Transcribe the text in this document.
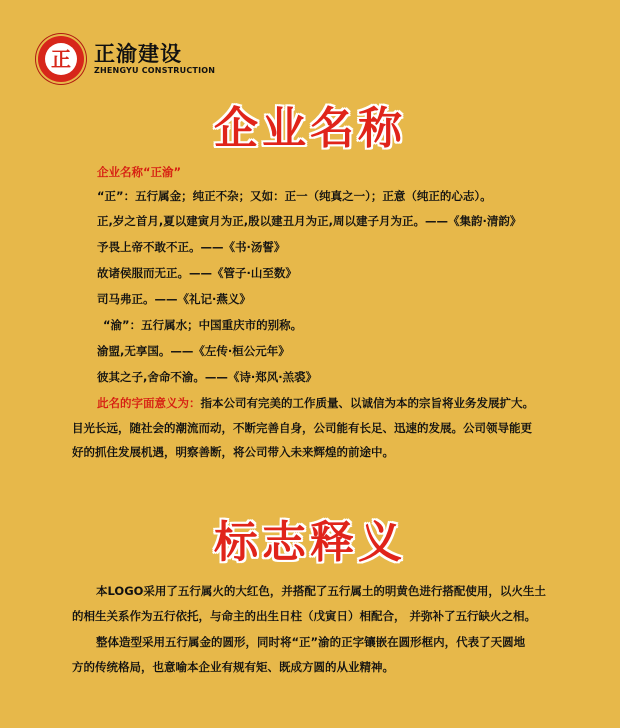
正 正渝建设
ZHENGYU CONSTRUCTION
企业名称
企业名称“正渝”
“正”：五行属金；纯正不杂；又如：正一（纯真之一）；正意（纯正的心志）。
正,岁之首月,夏以建寅月为正,殷以建丑月为正,周以建子月为正。——《集韵·清韵》
予畏上帝不敢不正。——《书·汤誓》
故诸侯服而无正。——《管子·山至数》
司马弗正。——《礼记·燕义》
“渝”：五行属水；中国重庆市的别称。
渝盟,无享国。——《左传·桓公元年》
彼其之子,舍命不渝。——《诗·郑风·羔裘》
此名的字面意义为：指本公司有完美的工作质量、以诚信为本的宗旨将业务发展扩大。
目光长远，随社会的潮流而动，不断完善自身，公司能有长足、迅速的发展。公司领导能更
好的抓住发展机遇，明察善断，将公司带入未来辉煌的前途中。
标志释义
本LOGO采用了五行属火的大红色，并搭配了五行属土的明黄色进行搭配使用，以火生土
的相生关系作为五行依托，与命主的出生日柱（戊寅日）相配合， 并弥补了五行缺火之相。
整体造型采用五行属金的圆形，同时将“正”渝的正字镶嵌在圆形框内，代表了天圆地
方的传统格局，也意喻本企业有规有矩、既成方圆的从业精神。
